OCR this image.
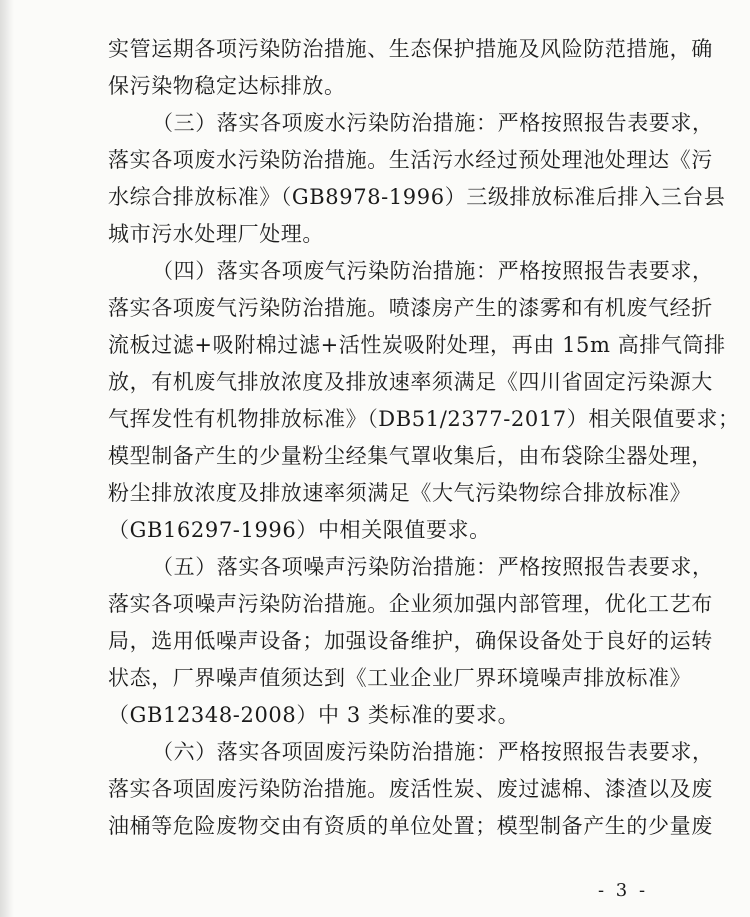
实管运期各项污染防治措施、生态保护措施及风险防范措施，确
保污染物稳定达标排放。
（三）落实各项废水污染防治措施：严格按照报告表要求，
落实各项废水污染防治措施。生活污水经过预处理池处理达《污
水综合排放标准》（GB8978-1996）三级排放标准后排入三台县
城市污水处理厂处理。
（四）落实各项废气污染防治措施：严格按照报告表要求，
落实各项废气污染防治措施。喷漆房产生的漆雾和有机废气经折
流板过滤+吸附棉过滤+活性炭吸附处理，再由 15m 高排气筒排
放，有机废气排放浓度及排放速率须满足《四川省固定污染源大
气挥发性有机物排放标准》（DB51/2377-2017）相关限值要求；
模型制备产生的少量粉尘经集气罩收集后，由布袋除尘器处理，
粉尘排放浓度及排放速率须满足《大气污染物综合排放标准》
（GB16297-1996）中相关限值要求。
（五）落实各项噪声污染防治措施：严格按照报告表要求，
落实各项噪声污染防治措施。企业须加强内部管理，优化工艺布
局，选用低噪声设备；加强设备维护，确保设备处于良好的运转
状态，厂界噪声值须达到《工业企业厂界环境噪声排放标准》
（GB12348-2008）中 3 类标准的要求。
（六）落实各项固废污染防治措施：严格按照报告表要求，
落实各项固废污染防治措施。废活性炭、废过滤棉、漆渣以及废
油桶等危险废物交由有资质的单位处置；模型制备产生的少量废
- 3 -
